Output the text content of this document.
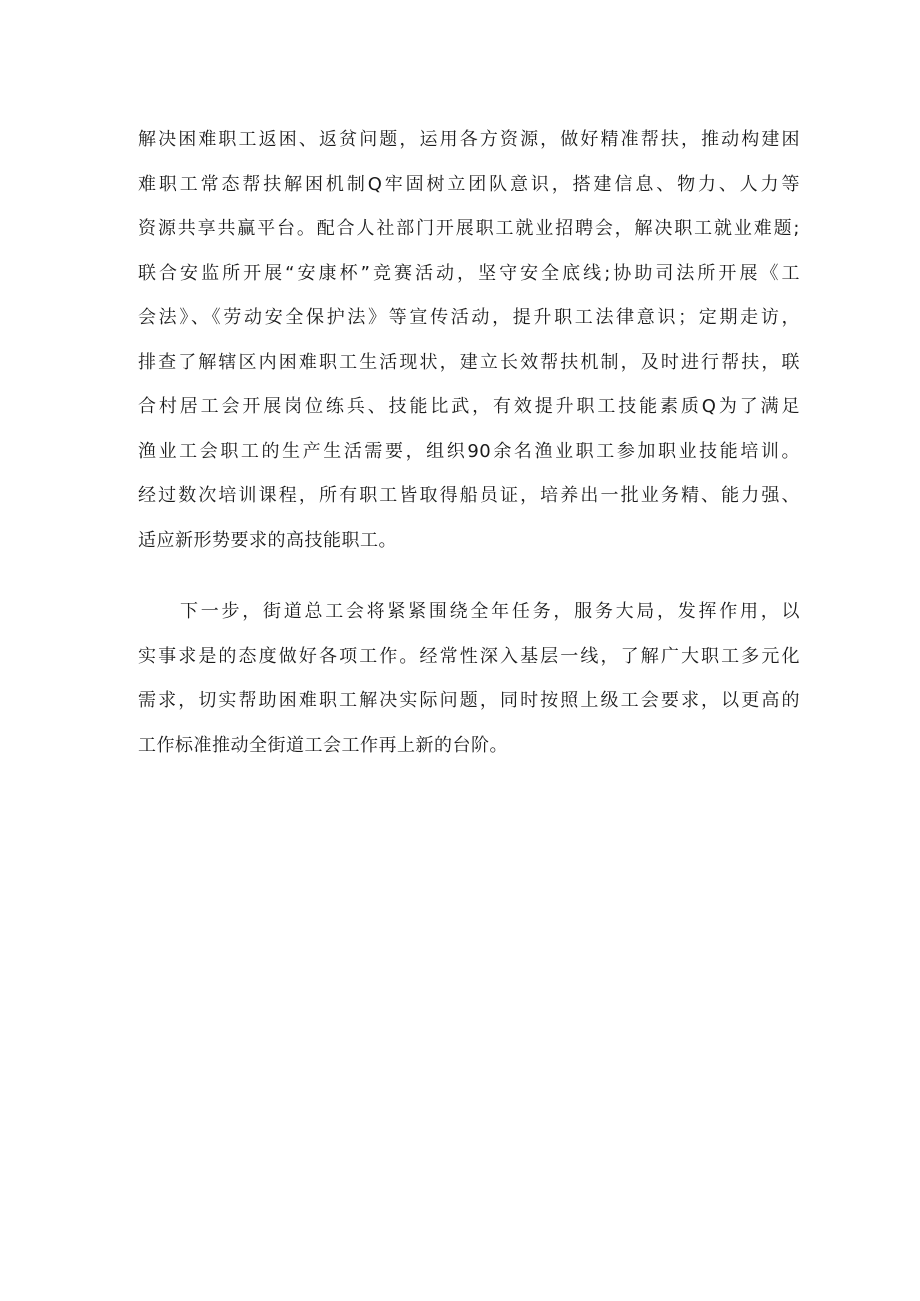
解决困难职工返困、返贫问题，运用各方资源，做好精准帮扶，推动构建困
难职工常态帮扶解困机制Q牢固树立团队意识，搭建信息、物力、人力等
资源共享共赢平台。配合人社部门开展职工就业招聘会，解决职工就业难题;
联合安监所开展“安康杯”竞赛活动，坚守安全底线;协助司法所开展《工
会法》、《劳动安全保护法》等宣传活动，提升职工法律意识；定期走访，
排查了解辖区内困难职工生活现状，建立长效帮扶机制，及时进行帮扶，联
合村居工会开展岗位练兵、技能比武，有效提升职工技能素质Q为了满足
渔业工会职工的生产生活需要，组织90余名渔业职工参加职业技能培训。
经过数次培训课程，所有职工皆取得船员证，培养出一批业务精、能力强、
适应新形势要求的高技能职工。
下一步，街道总工会将紧紧围绕全年任务，服务大局，发挥作用，以
实事求是的态度做好各项工作。经常性深入基层一线，了解广大职工多元化
需求，切实帮助困难职工解决实际问题，同时按照上级工会要求，以更高的
工作标准推动全街道工会工作再上新的台阶。
